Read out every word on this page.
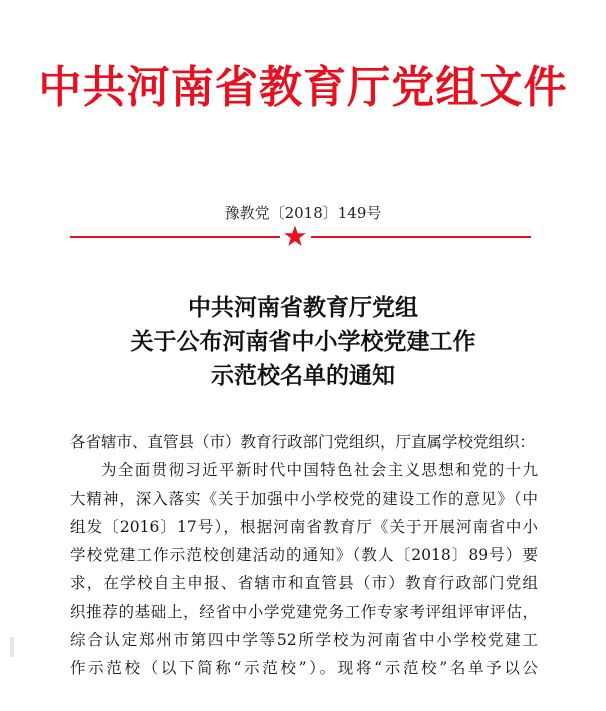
中共河南省教育厅党组文件
豫教党〔2018〕149号
中共河南省教育厅党组
关于公布河南省中小学校党建工作
示范校名单的通知
各省辖市、直管县（市）教育行政部门党组织，厅直属学校党组织：
为全面贯彻习近平新时代中国特色社会主义思想和党的十九
大精神，深入落实《关于加强中小学校党的建设工作的意见》（中
组发〔2016〕17号），根据河南省教育厅《关于开展河南省中小
学校党建工作示范校创建活动的通知》（教人〔2018〕89号）要
求，在学校自主申报、省辖市和直管县（市）教育行政部门党组
织推荐的基础上，经省中小学党建党务工作专家考评组评审评估，
综合认定郑州市第四中学等52所学校为河南省中小学校党建工
作示范校（以下简称“示范校”）。现将“示范校”名单予以公
